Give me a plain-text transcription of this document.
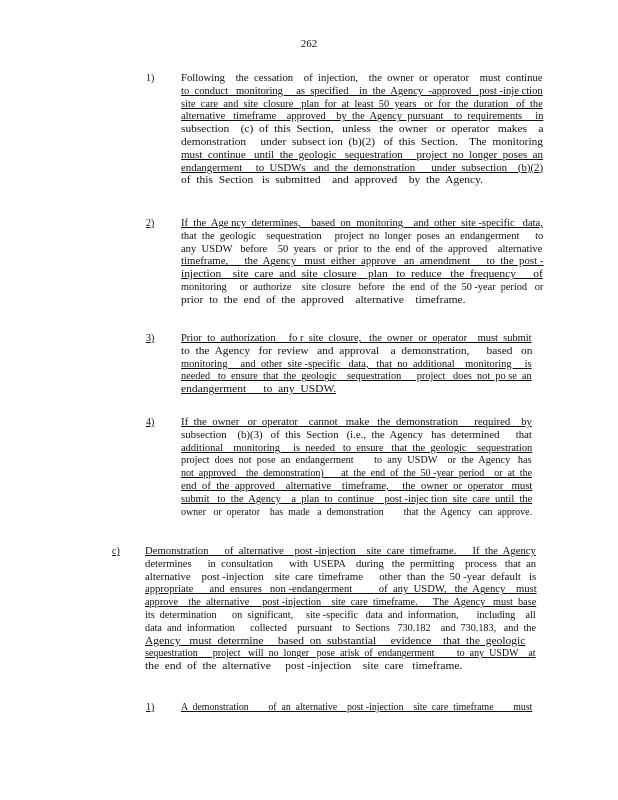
262
1)	Following    the  cessation    of  injection,    the  owner  or  operator    must  continue
to  conduct   monitoring     as  specified    in  the  Agency  -approved   post -inje ction
site  care  and  site  closure   plan  for  at  least  50  years   or  for  the  duration   of  the
alternative   timeframe    approved    by  the  Agency  pursuant    to  requirements     in
subsection    (c)  of  this  Section,   unless   the  owner   or  operator   makes    a
demonstration     under  subsect ion  (b)(2)   of  this  Section.    The  monitoring
must  continue   until  the  geologic   sequestration     project  no  longer  poses  an
endangerment     to  USDWs   and  the  demonstration      under  subsection    (b)(2)
of  this  Section   is  submitted    and  approved    by  the  Agency.
2)	If  the  Age ncy  determines,    based  on  monitoring    and  other  site -specific   data,
that  the  geologic    sequestration     project  no  longer  poses  an  endangerment      to
any  USDW   before    50  years   or  prior  to  the  end  of  the  approved    alternative
timeframe,      the  Agency   must  either  approve   an  amendment      to  the  post -
injection    site  care  and  site  closure    plan   to  reduce   the  frequency      of
monitoring     or  authorize    site  closure   before   the  end  of  the  50 -year  period   or
prior  to  the  end  of  the  approved    alternative    timeframe.
3)	Prior  to  authorization     fo r  site  closure,   the  owner  or  operator    must  submit
to  the  Agency   for  review   and  approval    a  demonstration,      based   on
monitoring     and  other  site -specific   data,   that  no  additional    monitoring     is
needed   to  ensure  that  the  geologic    sequestration      project   does  not  po se  an
endangerment      to  any  USDW.
4)	If  the  owner   or  operator    cannot   make   the  demonstration      required    by
subsection    (b)(3)   of  this  Section   (i.e.,  the  Agency   has  determined      that
additional    monitoring     is  needed   to  ensure   that  the  geologic    sequestration
project  does  not  pose  an  endangerment        to  any  USDW    or  the  Agency   has
not  approved    the  demonstration)       at  the  end  of  the  50 -year  period    or  at  the
end  of  the  approved    alternative    timeframe,     the  owner  or  operator   must
submit   to  the  Agency    a  plan  to  continue    post -injec tion  site  care  until  the
owner   or  operator    has  made   a  demonstration        that  the  Agency   can  approve.
c)	Demonstration      of  alternative    post -injection    site  care  timeframe.      If  the  Agency
determines      in  consultation      with  USEPA    during   the  permitting    process   that  an
alternative    post -injection    site  care  timeframe      other  than  the  50 -year  default   is
appropriate      and  ensures   non -endangerment          of  any  USDW,   the  Agency    must
approve    the  alternative     post -injection    site  care  timeframe.      The  Agency   must  base
its  determination      on  significant,     site -specific   data  and  information,       including    all
data  and  information      collected    pursuant    to  Sections   730.182    and  730.183,   and  the
Agency   must  determine     based  on  substantial     evidence    that  the  geologic
sequestration      project   will  no  longer   pose  arisk  of  endangerment         to  any  USDW    at
the  end  of  the  alternative     post -injection    site  care   timeframe.
1)	A  demonstration        of  an  alternative    post -injection    site  care  timeframe        must
